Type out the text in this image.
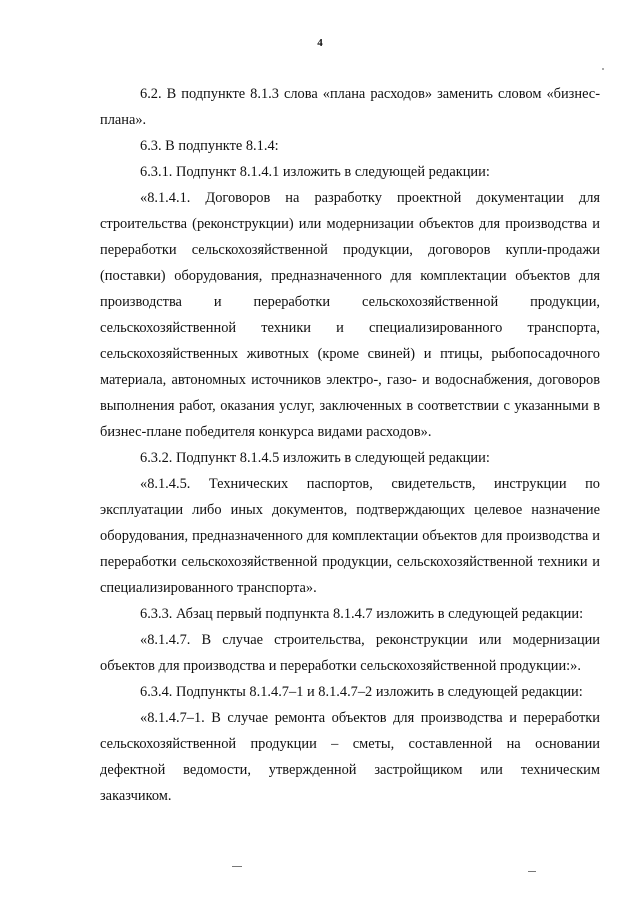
4

6.2. В подпункте 8.1.3 слова «плана расходов» заменить словом «бизнес-плана».

6.3. В подпункте 8.1.4:

6.3.1. Подпункт 8.1.4.1 изложить в следующей редакции:

«8.1.4.1. Договоров на разработку проектной документации для строительства (реконструкции) или модернизации объектов для производства и переработки сельскохозяйственной продукции, договоров купли-продажи (поставки) оборудования, предназначенного для комплектации объектов для производства и переработки сельскохозяйственной продукции, сельскохозяйственной техники и специализированного транспорта, сельскохозяйственных животных (кроме свиней) и птицы, рыбопосадочного материала, автономных источников электро-, газо- и водоснабжения, договоров выполнения работ, оказания услуг, заключенных в соответствии с указанными в бизнес-плане победителя конкурса видами расходов».

6.3.2. Подпункт 8.1.4.5 изложить в следующей редакции:

«8.1.4.5. Технических паспортов, свидетельств, инструкции по эксплуатации либо иных документов, подтверждающих целевое назначение оборудования, предназначенного для комплектации объектов для производства и переработки сельскохозяйственной продукции, сельскохозяйственной техники и специализированного транспорта».

6.3.3. Абзац первый подпункта 8.1.4.7 изложить в следующей редакции:

«8.1.4.7. В случае строительства, реконструкции или модернизации объектов для производства и переработки сельскохозяйственной продукции:».

6.3.4. Подпункты 8.1.4.7–1 и 8.1.4.7–2 изложить в следующей редакции:

«8.1.4.7–1. В случае ремонта объектов для производства и переработки сельскохозяйственной продукции – сметы, составленной на основании дефектной ведомости, утвержденной застройщиком или техническим заказчиком.
